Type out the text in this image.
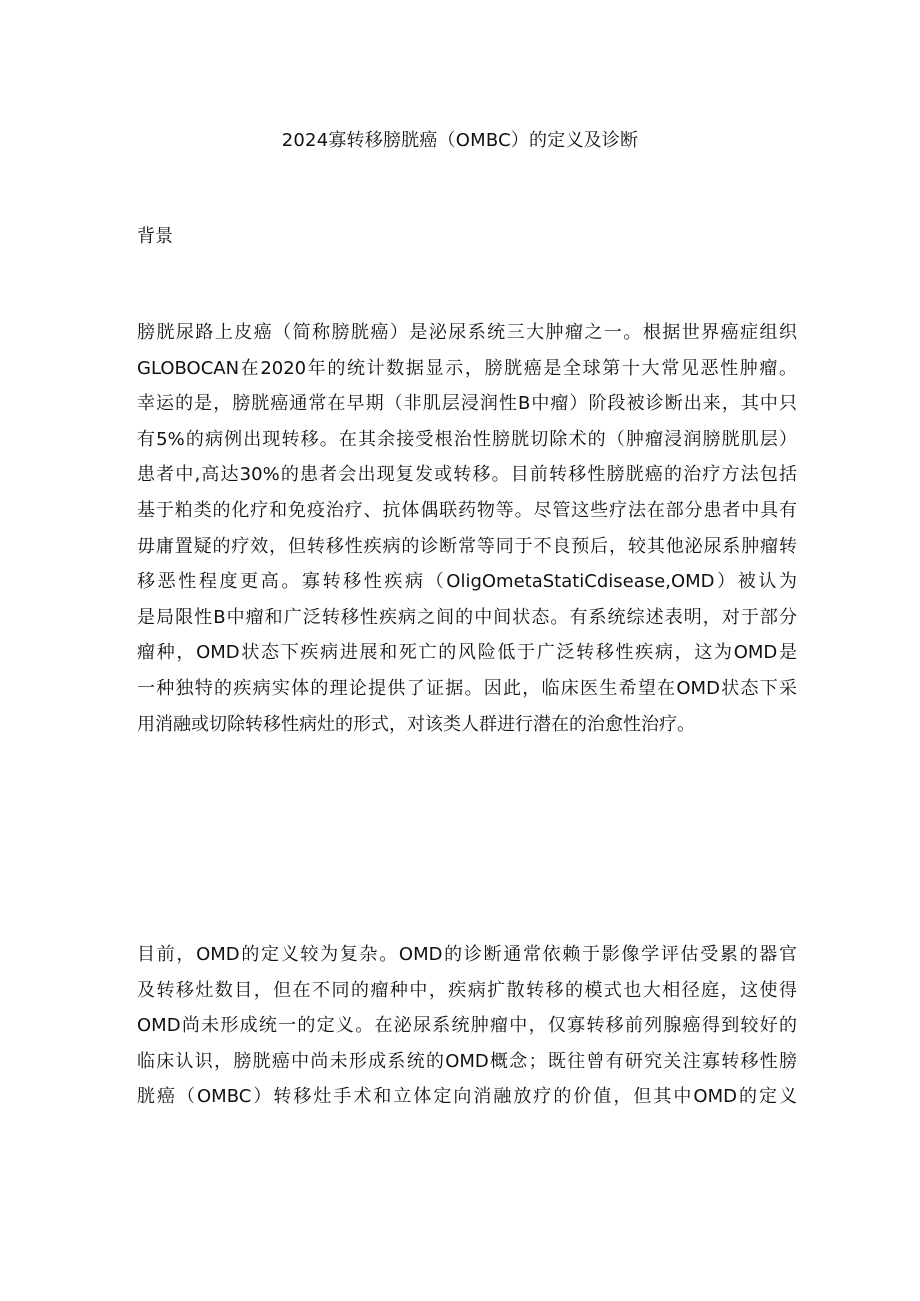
2024寡转移膀胱癌（OMBC）的定义及诊断
背景
膀胱尿路上皮癌（简称膀胱癌）是泌尿系统三大肿瘤之一。根据世界癌症组织
GLOBOCAN在2020年的统计数据显示，膀胱癌是全球第十大常见恶性肿瘤。
幸运的是，膀胱癌通常在早期（非肌层浸润性B中瘤）阶段被诊断出来，其中只
有5%的病例出现转移。在其余接受根治性膀胱切除术的（肿瘤浸润膀胱肌层）
患者中,高达30%的患者会出现复发或转移。目前转移性膀胱癌的治疗方法包括
基于粕类的化疗和免疫治疗、抗体偶联药物等。尽管这些疗法在部分患者中具有
毋庸置疑的疗效，但转移性疾病的诊断常等同于不良预后，较其他泌尿系肿瘤转
移恶性程度更高。寡转移性疾病（OligOmetaStatiCdisease,OMD）被认为
是局限性B中瘤和广泛转移性疾病之间的中间状态。有系统综述表明，对于部分
瘤种，OMD状态下疾病进展和死亡的风险低于广泛转移性疾病，这为OMD是
一种独特的疾病实体的理论提供了证据。因此，临床医生希望在OMD状态下采
用消融或切除转移性病灶的形式，对该类人群进行潜在的治愈性治疗。
目前，OMD的定义较为复杂。OMD的诊断通常依赖于影像学评估受累的器官
及转移灶数目，但在不同的瘤种中，疾病扩散转移的模式也大相径庭，这使得
OMD尚未形成统一的定义。在泌尿系统肿瘤中，仅寡转移前列腺癌得到较好的
临床认识，膀胱癌中尚未形成系统的OMD概念；既往曾有研究关注寡转移性膀
胱癌（OMBC）转移灶手术和立体定向消融放疗的价值，但其中OMD的定义
